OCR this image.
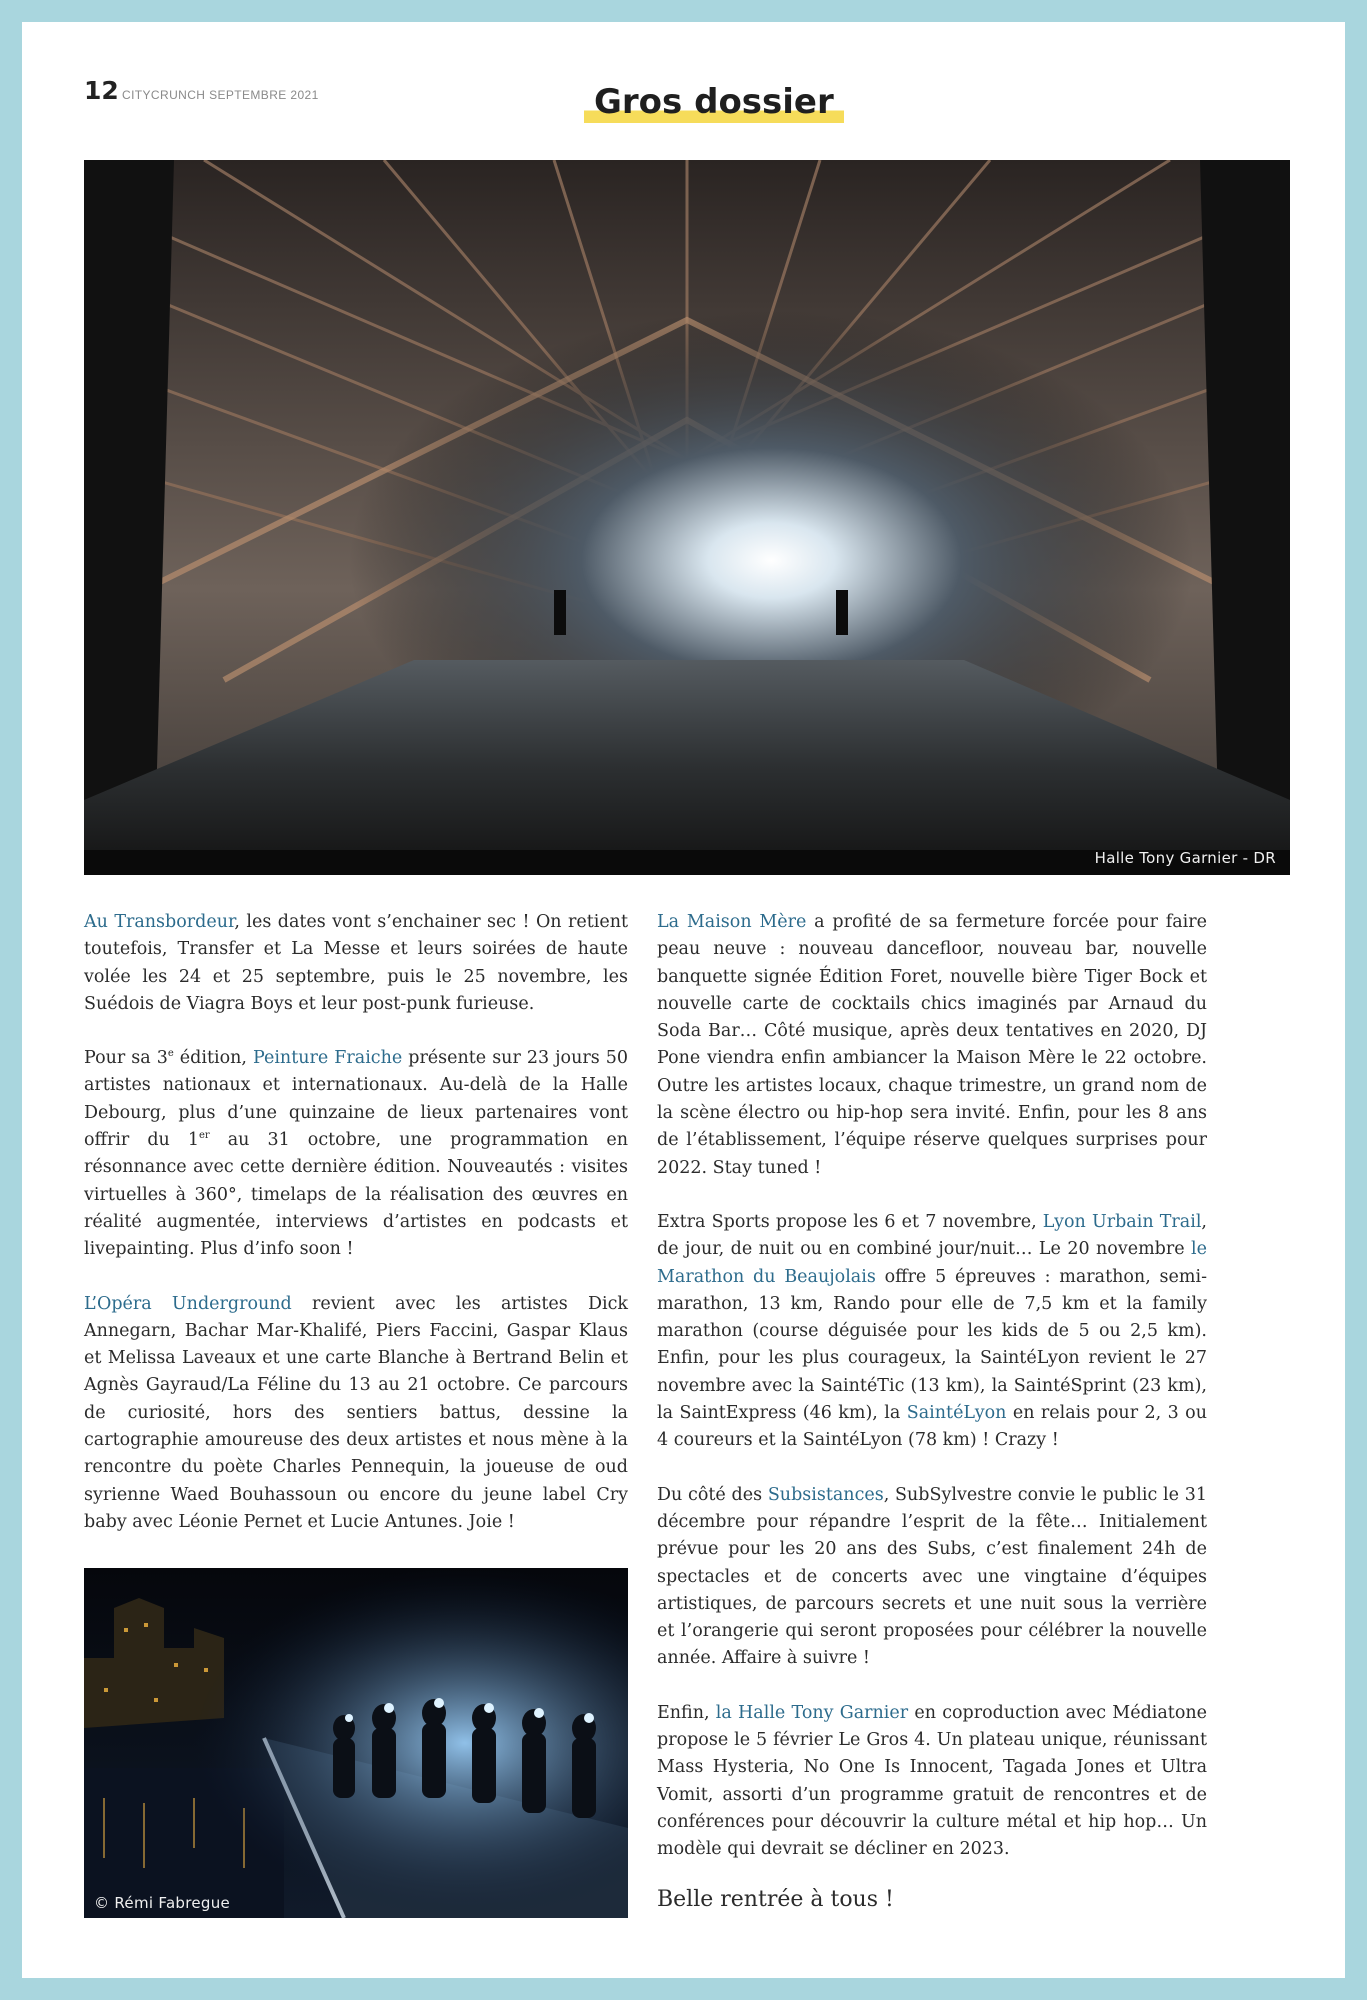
12 CITYCRUNCH SEPTEMBRE 2021	Gros dossier
Halle Tony Garnier - DR

Au Transbordeur, les dates vont s’enchainer sec ! On retient toutefois, Transfer et La Messe et leurs soirées de haute volée les 24 et 25 septembre, puis le 25 novembre, les Suédois de Viagra Boys et leur post-punk furieuse.

Pour sa 3e édition, Peinture Fraiche présente sur 23 jours 50 artistes nationaux et internationaux. Au-delà de la Halle Debourg, plus d’une quinzaine de lieux partenaires vont offrir du 1er au 31 octobre, une programmation en résonnance avec cette dernière édition. Nouveautés : visites virtuelles à 360°, timelaps de la réalisation des œuvres en réalité augmentée, interviews d’artistes en podcasts et livepainting. Plus d’info soon !

L’Opéra Underground revient avec les artistes Dick Annegarn, Bachar Mar-Khalifé, Piers Faccini, Gaspar Klaus et Melissa Laveaux et une carte Blanche à Bertrand Belin et Agnès Gayraud/La Féline du 13 au 21 octobre. Ce parcours de curiosité, hors des sentiers battus, dessine la cartographie amoureuse des deux artistes et nous mène à la rencontre du poète Charles Pennequin, la joueuse de oud syrienne Waed Bouhassoun ou encore du jeune label Cry baby avec Léonie Pernet et Lucie Antunes. Joie !

© Rémi Fabregue

La Maison Mère a profité de sa fermeture forcée pour faire peau neuve : nouveau dancefloor, nouveau bar, nouvelle banquette signée Édition Foret, nouvelle bière Tiger Bock et nouvelle carte de cocktails chics imaginés par Arnaud du Soda Bar… Côté musique, après deux tentatives en 2020, DJ Pone viendra enfin ambiancer la Maison Mère le 22 octobre. Outre les artistes locaux, chaque trimestre, un grand nom de la scène électro ou hip-hop sera invité. Enfin, pour les 8 ans de l’établissement, l’équipe réserve quelques surprises pour 2022. Stay tuned !

Extra Sports propose les 6 et 7 novembre, Lyon Urbain Trail, de jour, de nuit ou en combiné jour/nuit… Le 20 novembre le Marathon du Beaujolais offre 5 épreuves : marathon, semi-marathon, 13 km, Rando pour elle de 7,5 km et la family marathon (course déguisée pour les kids de 5 ou 2,5 km). Enfin, pour les plus courageux, la SaintéLyon revient le 27 novembre avec la SaintéTic (13 km), la SaintéSprint (23 km), la SaintExpress (46 km), la SaintéLyon en relais pour 2, 3 ou 4 coureurs et la SaintéLyon (78 km) ! Crazy !

Du côté des Subsistances, SubSylvestre convie le public le 31 décembre pour répandre l’esprit de la fête… Initialement prévue pour les 20 ans des Subs, c’est finalement 24h de spectacles et de concerts avec une vingtaine d’équipes artistiques, de parcours secrets et une nuit sous la verrière et l’orangerie qui seront proposées pour célébrer la nouvelle année. Affaire à suivre !

Enfin, la Halle Tony Garnier en coproduction avec Médiatone propose le 5 février Le Gros 4. Un plateau unique, réunissant Mass Hysteria, No One Is Innocent, Tagada Jones et Ultra Vomit, assorti d’un programme gratuit de rencontres et de conférences pour découvrir la culture métal et hip hop… Un modèle qui devrait se décliner en 2023.

Belle rentrée à tous !
